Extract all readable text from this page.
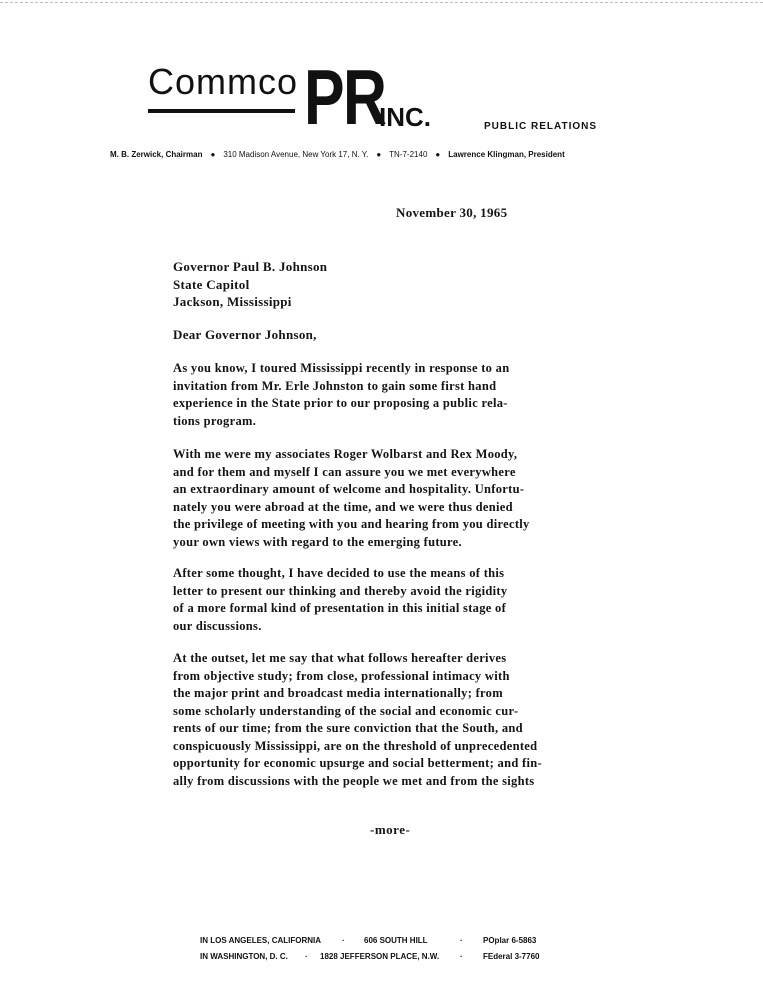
Commco PR
INC.	PUBLIC RELATIONS
M. B. Zerwick, Chairman ● 310 Madison Avenue, New York 17, N. Y. ● TN-7-2140 ● Lawrence Klingman, President
November 30, 1965
Governor Paul B. Johnson
State Capitol
Jackson, Mississippi
Dear Governor Johnson,
As you know, I toured Mississippi recently in response to an
invitation from Mr. Erle Johnston to gain some first hand
experience in the State prior to our proposing a public rela-
tions program.
With me were my associates Roger Wolbarst and Rex Moody,
and for them and myself I can assure you we met everywhere
an extraordinary amount of welcome and hospitality. Unfortu-
nately you were abroad at the time, and we were thus denied
the privilege of meeting with you and hearing from you directly
your own views with regard to the emerging future.
After some thought, I have decided to use the means of this
letter to present our thinking and thereby avoid the rigidity
of a more formal kind of presentation in this initial stage of
our discussions.
At the outset, let me say that what follows hereafter derives
from objective study; from close, professional intimacy with
the major print and broadcast media internationally; from
some scholarly understanding of the social and economic cur-
rents of our time; from the sure conviction that the South, and
conspicuously Mississippi, are on the threshold of unprecedented
opportunity for economic upsurge and social betterment; and fin-
ally from discussions with the people we met and from the sights
-more-
IN LOS ANGELES, CALIFORNIA	· 606 SOUTH HILL	·	POplar 6-5863
IN WASHINGTON, D. C. · 1828 JEFFERSON PLACE, N.W.	·	FEderal 3-7760
